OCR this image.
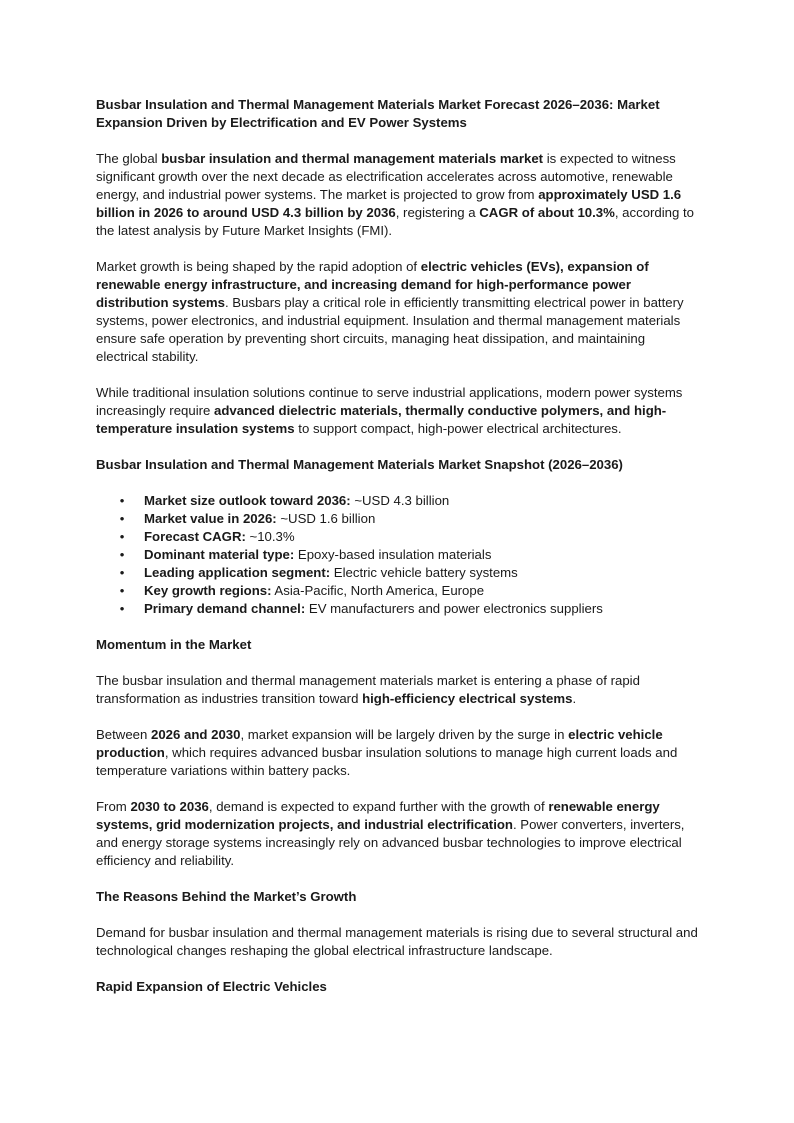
Busbar Insulation and Thermal Management Materials Market Forecast 2026–2036: Market Expansion Driven by Electrification and EV Power Systems

The global busbar insulation and thermal management materials market is expected to witness significant growth over the next decade as electrification accelerates across automotive, renewable energy, and industrial power systems. The market is projected to grow from approximately USD 1.6 billion in 2026 to around USD 4.3 billion by 2036, registering a CAGR of about 10.3%, according to the latest analysis by Future Market Insights (FMI).

Market growth is being shaped by the rapid adoption of electric vehicles (EVs), expansion of renewable energy infrastructure, and increasing demand for high-performance power distribution systems. Busbars play a critical role in efficiently transmitting electrical power in battery systems, power electronics, and industrial equipment. Insulation and thermal management materials ensure safe operation by preventing short circuits, managing heat dissipation, and maintaining electrical stability.

While traditional insulation solutions continue to serve industrial applications, modern power systems increasingly require advanced dielectric materials, thermally conductive polymers, and high-temperature insulation systems to support compact, high-power electrical architectures.

Busbar Insulation and Thermal Management Materials Market Snapshot (2026–2036)
• Market size outlook toward 2036: ~USD 4.3 billion
• Market value in 2026: ~USD 1.6 billion
• Forecast CAGR: ~10.3%
• Dominant material type: Epoxy-based insulation materials
• Leading application segment: Electric vehicle battery systems
• Key growth regions: Asia-Pacific, North America, Europe
• Primary demand channel: EV manufacturers and power electronics suppliers
Momentum in the Market

The busbar insulation and thermal management materials market is entering a phase of rapid transformation as industries transition toward high-efficiency electrical systems.

Between 2026 and 2030, market expansion will be largely driven by the surge in electric vehicle production, which requires advanced busbar insulation solutions to manage high current loads and temperature variations within battery packs.

From 2030 to 2036, demand is expected to expand further with the growth of renewable energy systems, grid modernization projects, and industrial electrification. Power converters, inverters, and energy storage systems increasingly rely on advanced busbar technologies to improve electrical efficiency and reliability.

The Reasons Behind the Market’s Growth

Demand for busbar insulation and thermal management materials is rising due to several structural and technological changes reshaping the global electrical infrastructure landscape.

Rapid Expansion of Electric Vehicles
